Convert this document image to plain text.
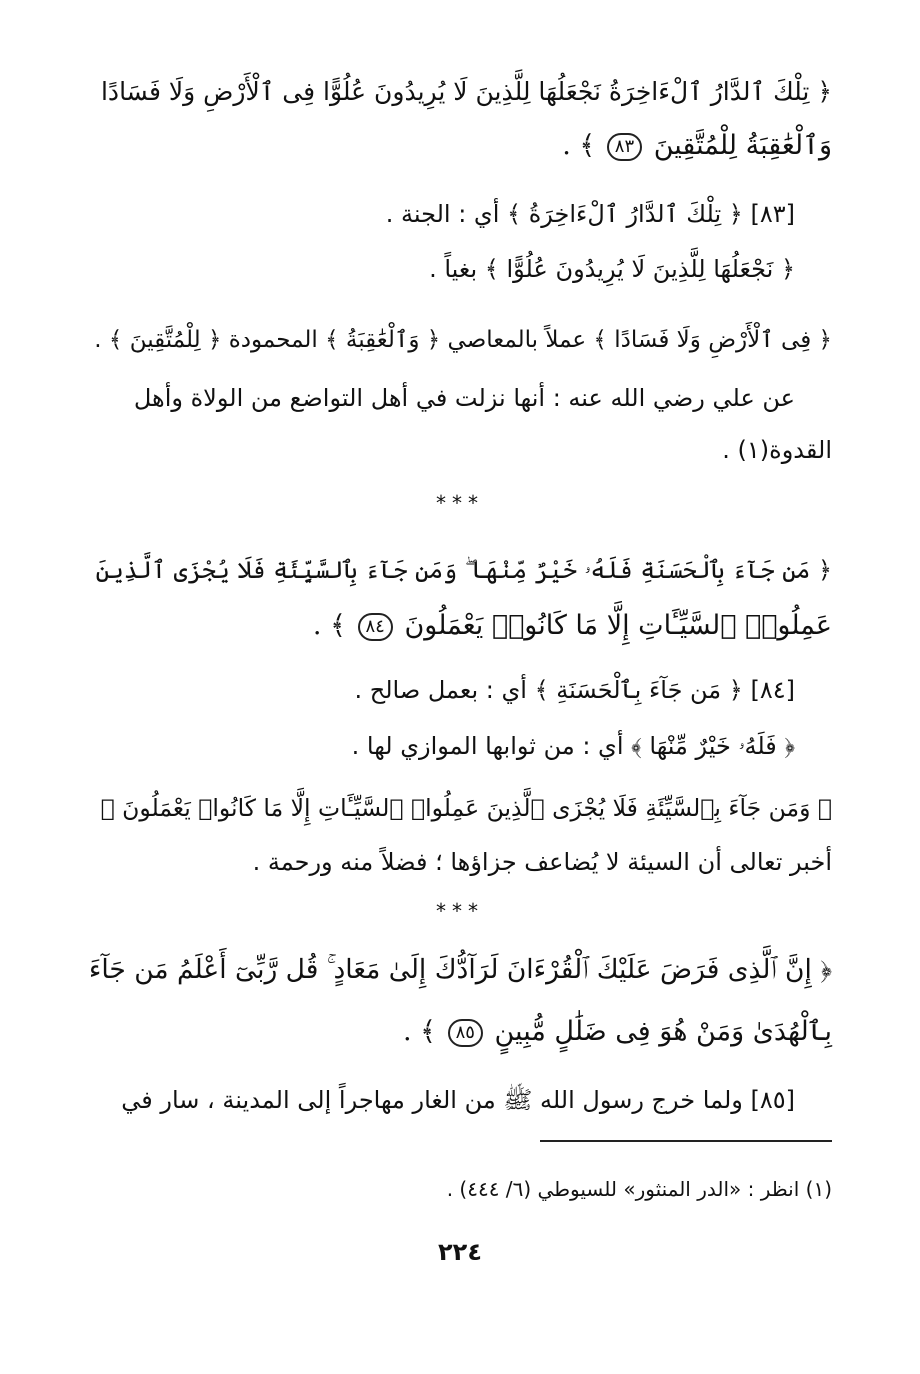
﴿ تِلْكَ ٱلدَّارُ ٱلْءَاخِرَةُ نَجْعَلُهَا لِلَّذِينَ لَا يُرِيدُونَ عُلُوًّا فِى ٱلْأَرْضِ وَلَا فَسَادًا

وَٱلْعَٰقِبَةُ لِلْمُتَّقِينَ ٨٣ ﴾ .

[٨٣] ﴿ تِلْكَ ٱلدَّارُ ٱلْءَاخِرَةُ ﴾ أي : الجنة .

﴿ نَجْعَلُهَا لِلَّذِينَ لَا يُرِيدُونَ عُلُوًّا ﴾ بغياً .

﴿ فِى ٱلْأَرْضِ وَلَا فَسَادًا ﴾ عملاً بالمعاصي ﴿ وَٱلْعَٰقِبَةُ ﴾ المحمودة ﴿ لِلْمُتَّقِينَ ﴾ .

عن علي رضي الله عنه : أنها نزلت في أهل التواضع من الولاة وأهل

القدوة(١) .

***

﴿ مَن جَآءَ بِٱلْحَسَنَةِ فَلَهُۥ خَيْرٌ مِّنْهَا ۖ وَمَن جَآءَ بِٱلسَّيِّئَةِ فَلَا يُجْزَى ٱلَّذِينَ

عَمِلُوا۟ ٱلسَّيِّـَٔاتِ إِلَّا مَا كَانُوا۟ يَعْمَلُونَ ٨٤ ﴾ .

[٨٤] ﴿ مَن جَآءَ بِٱلْحَسَنَةِ ﴾ أي : بعمل صالح .

﴿ فَلَهُۥ خَيْرٌ مِّنْهَا ﴾ أي : من ثوابها الموازي لها .

﴿ وَمَن جَآءَ بِٱلسَّيِّئَةِ فَلَا يُجْزَى ٱلَّذِينَ عَمِلُوا۟ ٱلسَّيِّـَٔاتِ إِلَّا مَا كَانُوا۟ يَعْمَلُونَ ﴾

أخبر تعالى أن السيئة لا يُضاعف جزاؤها ؛ فضلاً منه ورحمة .

***

﴿ إِنَّ ٱلَّذِى فَرَضَ عَلَيْكَ ٱلْقُرْءَانَ لَرَآدُّكَ إِلَىٰ مَعَادٍ ۚ قُل رَّبِّىٓ أَعْلَمُ مَن جَآءَ

بِٱلْهُدَىٰ وَمَنْ هُوَ فِى ضَلَٰلٍ مُّبِينٍ ٨٥ ﴾ .

[٨٥] ولما خرج رسول الله ﷺ من الغار مهاجراً إلى المدينة ، سار في

(١) انظر : «الدر المنثور» للسيوطي (٦/ ٤٤٤) .
٢٢٤
